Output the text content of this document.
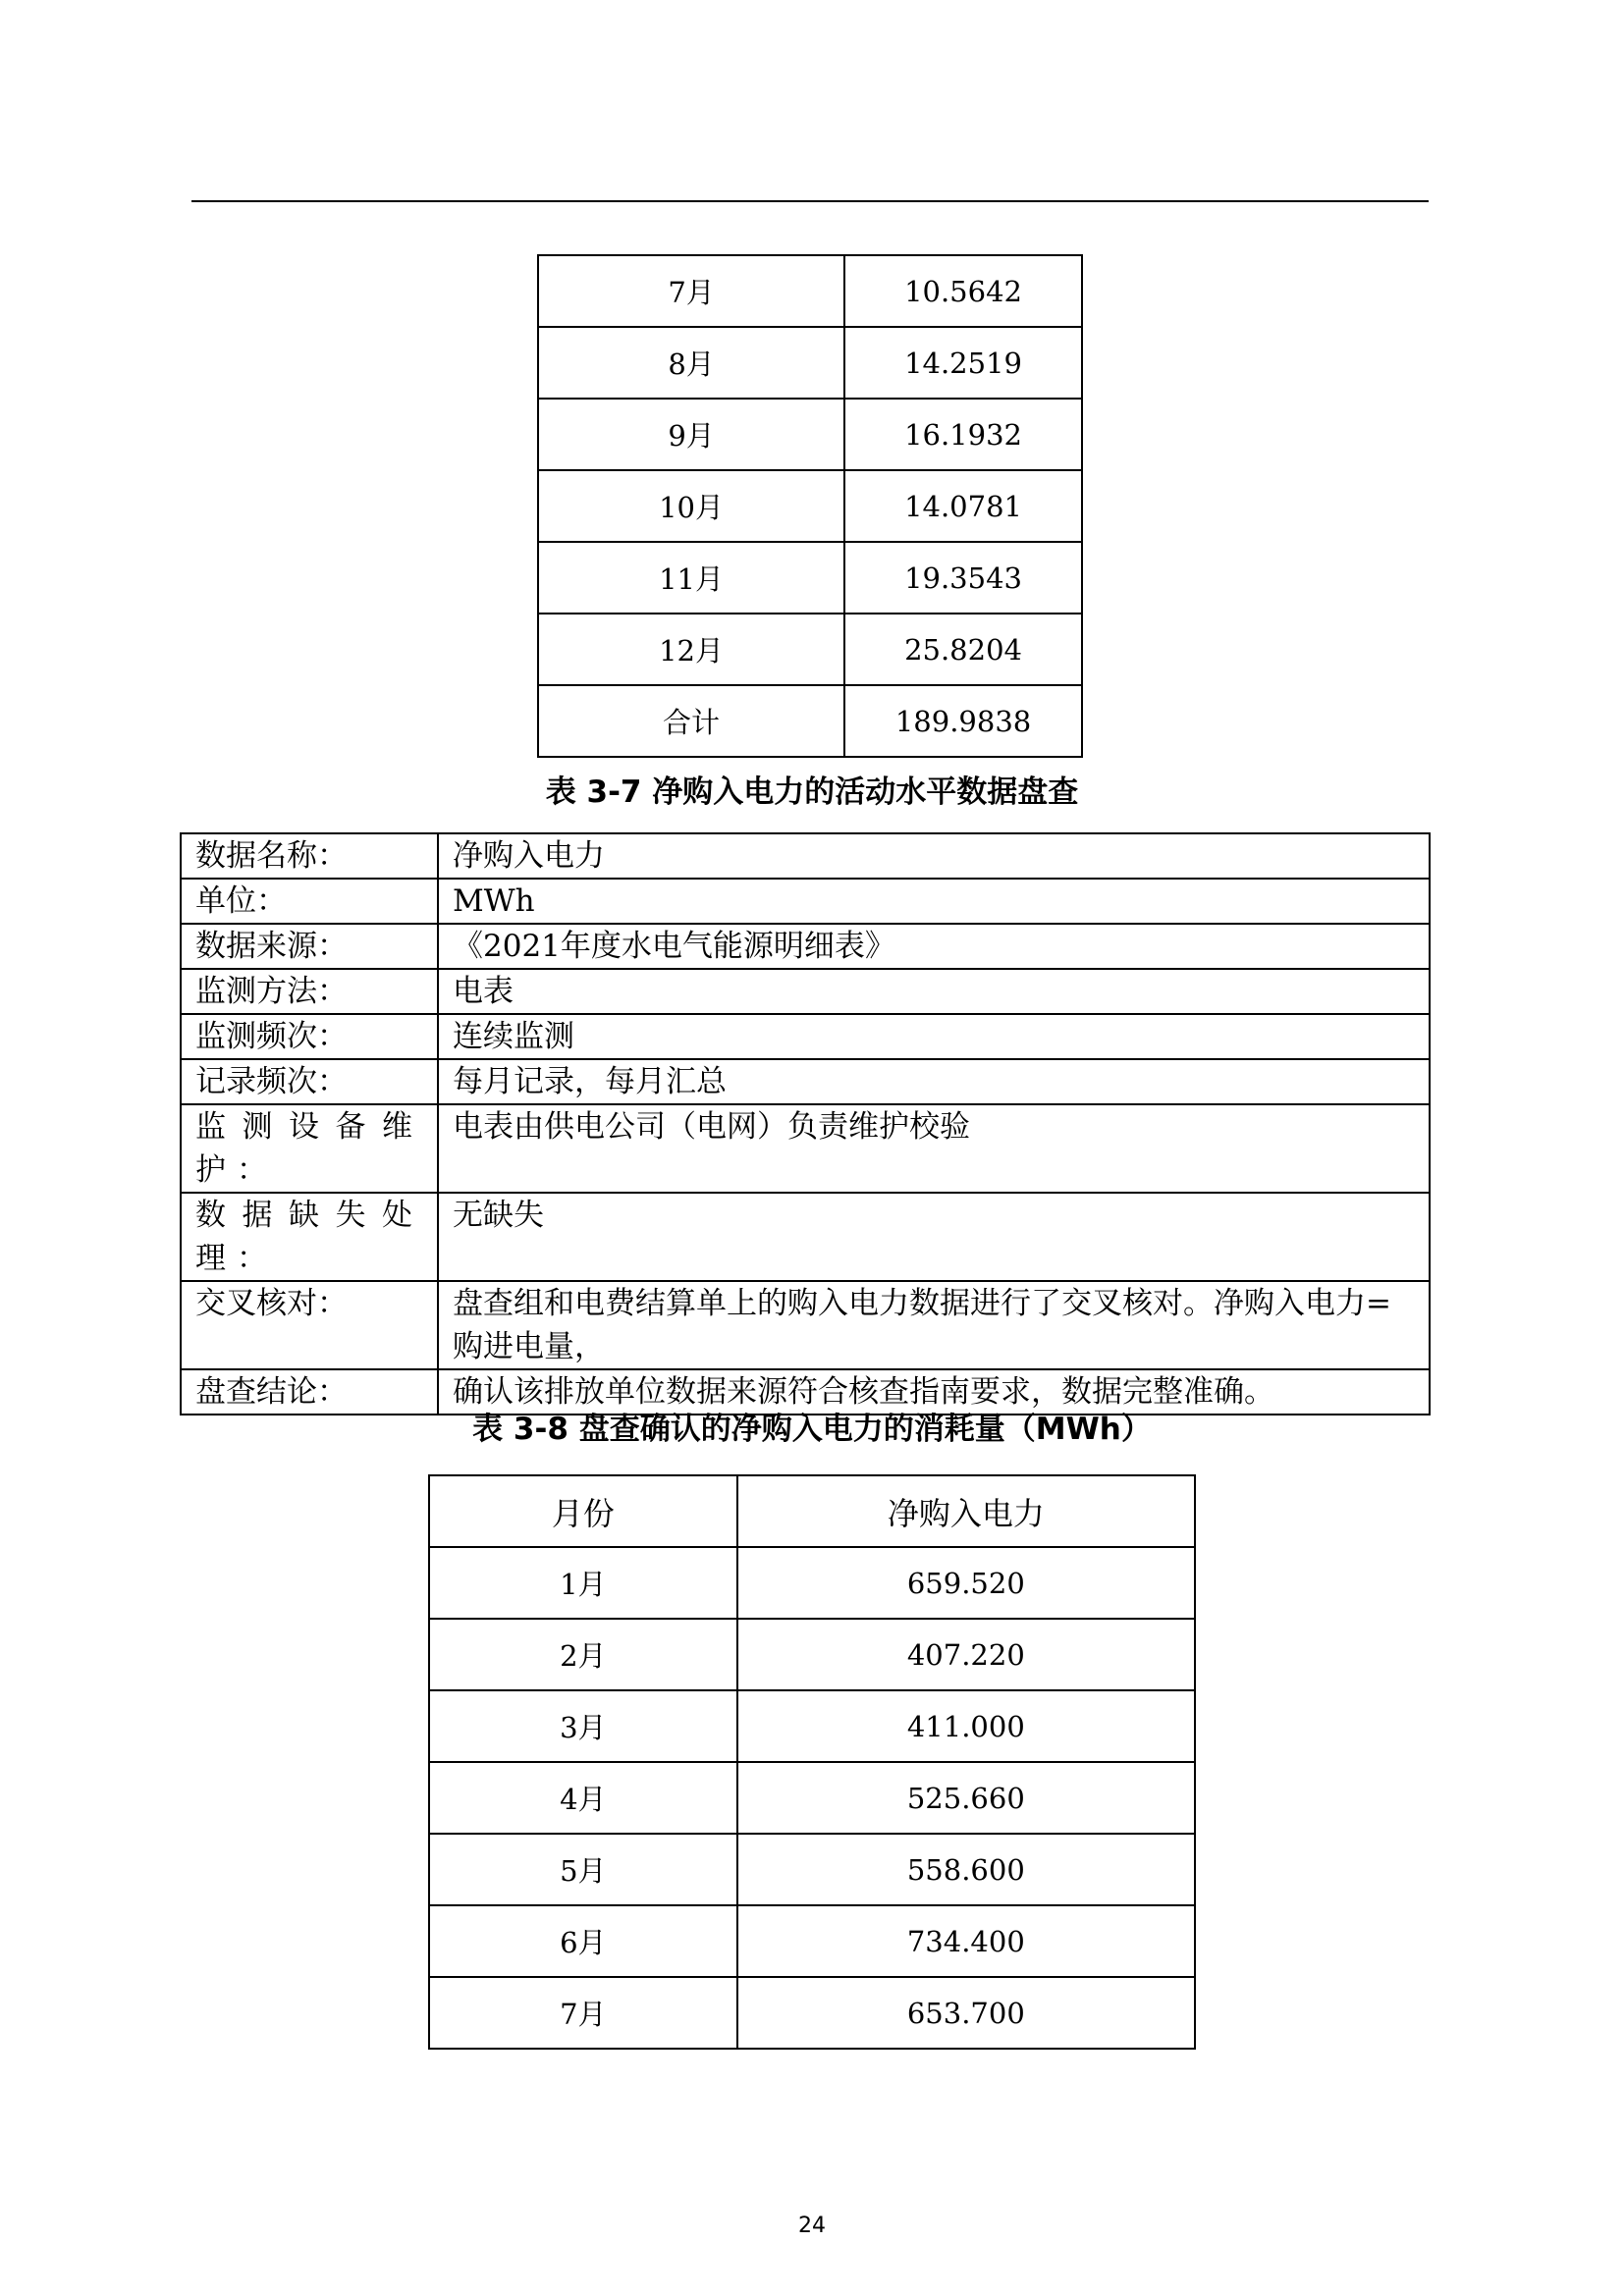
7月	10.5642
8月	14.2519
9月	16.1932
10月	14.0781
11月	19.3543
12月	25.8204
合计	189.9838
表 3-7 净购入电力的活动水平数据盘查
数据名称：	净购入电力
单位：	MWh
数据来源：	《2021年度水电气能源明细表》
监测方法：	电表
监测频次：	连续监测
记录频次：	每月记录，每月汇总
监测设备维护：	电表由供电公司（电网）负责维护校验
数据缺失处理：	无缺失
交叉核对：	盘查组和电费结算单上的购入电力数据进行了交叉核对。净购入电力=购进电量，
盘查结论：	确认该排放单位数据来源符合核查指南要求，数据完整准确。
表 3-8 盘查确认的净购入电力的消耗量（MWh）
月份	净购入电力
1月	659.520
2月	407.220
3月	411.000
4月	525.660
5月	558.600
6月	734.400
7月	653.700
24
